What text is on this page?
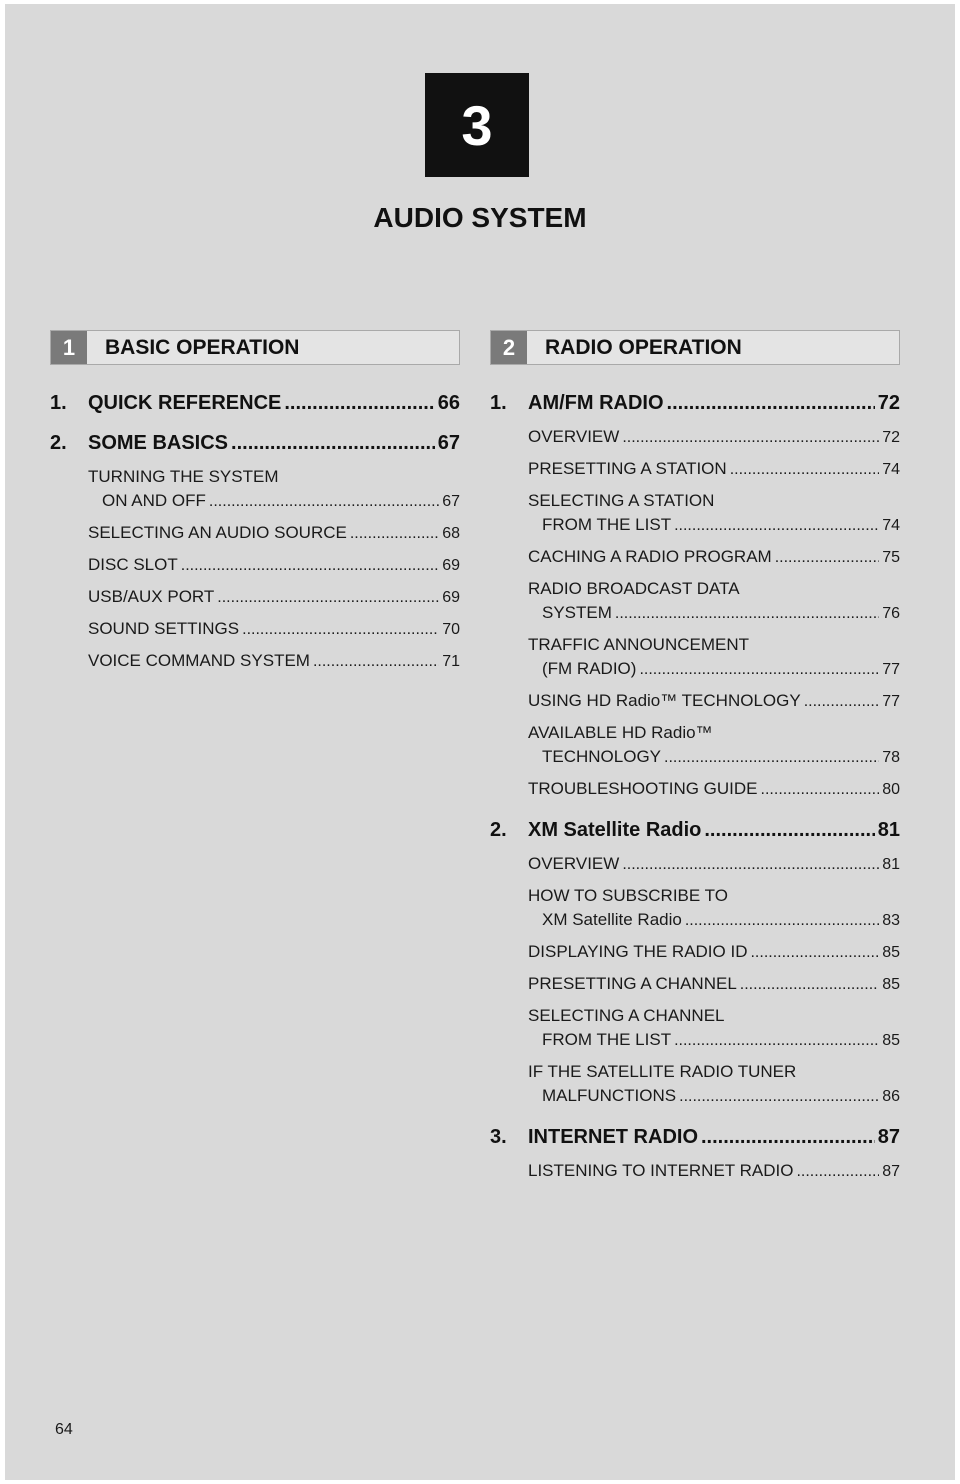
3
AUDIO SYSTEM
1	BASIC OPERATION
1.	QUICK REFERENCE .....	66
2.	SOME BASICS .....	67
TURNING THE SYSTEM
ON AND OFF .....	67
SELECTING AN AUDIO SOURCE .....	68
DISC SLOT .....	69
USB/AUX PORT .....	69
SOUND SETTINGS .....	70
VOICE COMMAND SYSTEM .....	71
2	RADIO OPERATION
1.	AM/FM RADIO .....	72
OVERVIEW .....	72
PRESETTING A STATION .....	74
SELECTING A STATION
FROM THE LIST .....	74
CACHING A RADIO PROGRAM .....	75
RADIO BROADCAST DATA
SYSTEM .....	76
TRAFFIC ANNOUNCEMENT
(FM RADIO) .....	77
USING HD Radio™ TECHNOLOGY .....	77
AVAILABLE HD Radio™
TECHNOLOGY .....	78
TROUBLESHOOTING GUIDE .....	80
2.	XM Satellite Radio .....	81
OVERVIEW .....	81
HOW TO SUBSCRIBE TO
XM Satellite Radio .....	83
DISPLAYING THE RADIO ID .....	85
PRESETTING A CHANNEL .....	85
SELECTING A CHANNEL
FROM THE LIST .....	85
IF THE SATELLITE RADIO TUNER
MALFUNCTIONS .....	86
3.	INTERNET RADIO .....	87
LISTENING TO INTERNET RADIO .....	87
64
